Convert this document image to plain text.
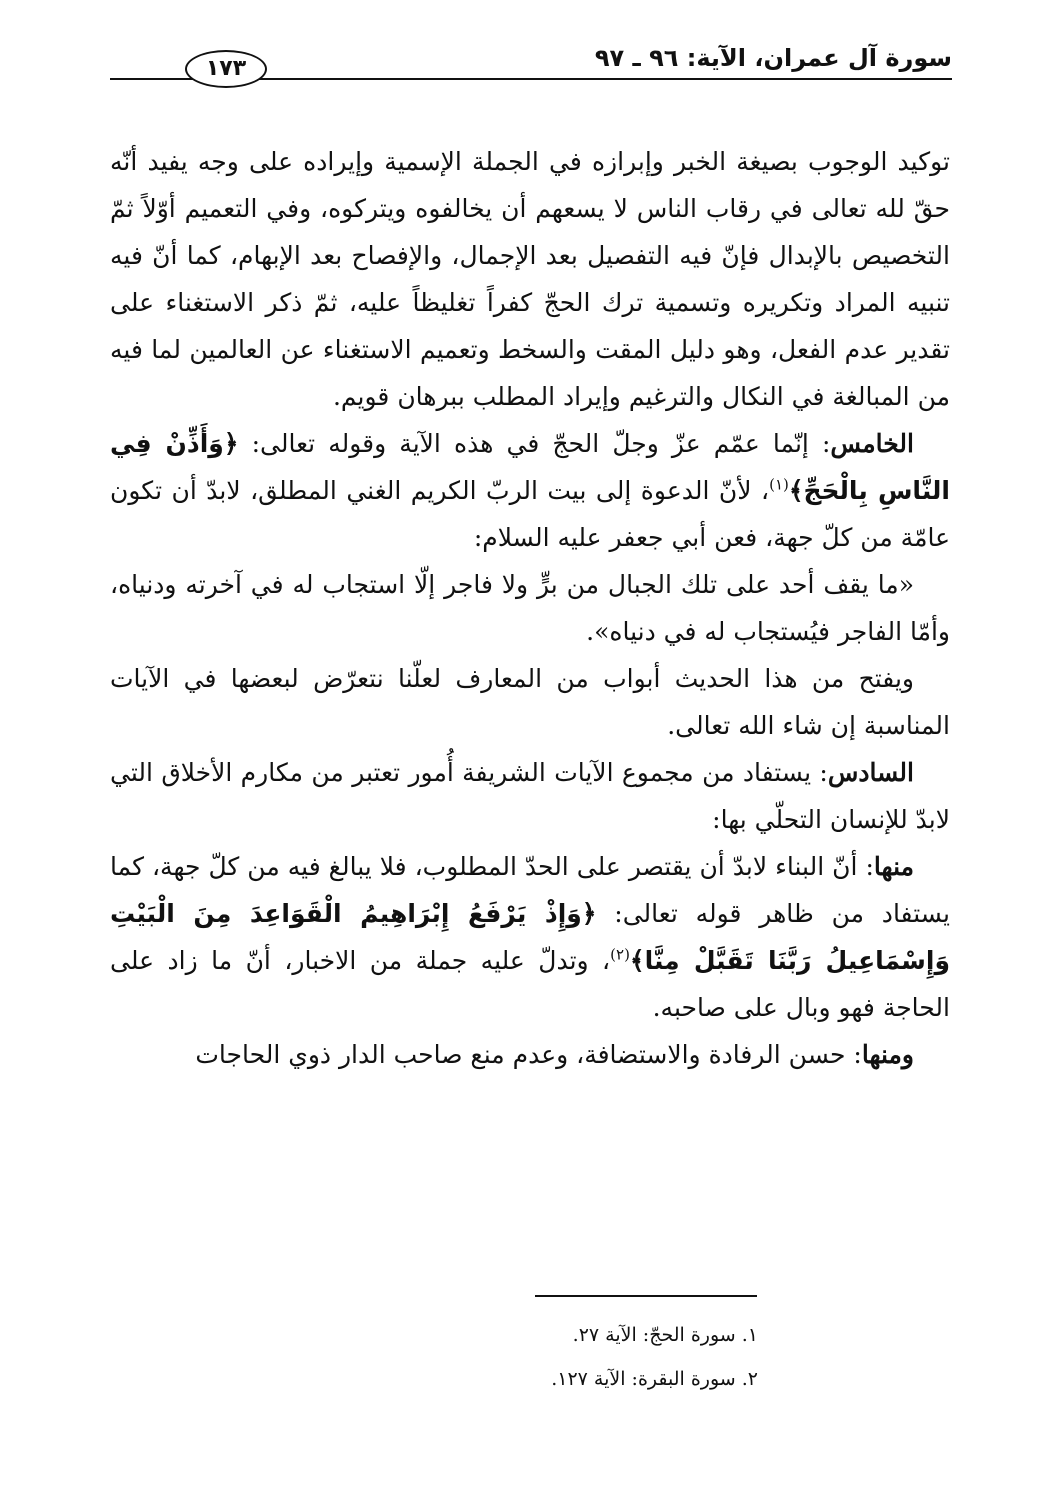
سورة آل عمران، الآية: ٩٦ ـ ٩٧
١٧٣

توكيد الوجوب بصيغة الخبر وإبرازه في الجملة الإسمية وإيراده على وجه يفيد أنّه حقّ لله تعالى في رقاب الناس لا يسعهم أن يخالفوه ويتركوه، وفي التعميم أوّلاً ثمّ التخصيص بالإبدال فإنّ فيه التفصيل بعد الإجمال، والإفصاح بعد الإبهام، كما أنّ فيه تنبيه المراد وتكريره وتسمية ترك الحجّ كفراً تغليظاً عليه، ثمّ ذكر الاستغناء على تقدير عدم الفعل، وهو دليل المقت والسخط وتعميم الاستغناء عن العالمين لما فيه من المبالغة في النكال والترغيم وإيراد المطلب ببرهان قويم.

الخامس: إنّما عمّم عزّ وجلّ الحجّ في هذه الآية وقوله تعالى: ﴿وَأَذِّنْ فِي النَّاسِ بِالْحَجِّ﴾$^{(١)}$، لأنّ الدعوة إلى بيت الربّ الكريم الغني المطلق، لابدّ أن تكون عامّة من كلّ جهة، فعن أبي جعفر عليه السلام:

«ما يقف أحد على تلك الجبال من برٍّ ولا فاجر إلّا استجاب له في آخرته ودنياه، وأمّا الفاجر فيُستجاب له في دنياه».

ويفتح من هذا الحديث أبواب من المعارف لعلّنا نتعرّض لبعضها في الآيات المناسبة إن شاء الله تعالى.

السادس: يستفاد من مجموع الآيات الشريفة أُمور تعتبر من مكارم الأخلاق التي لابدّ للإنسان التحلّي بها:

منها: أنّ البناء لابدّ أن يقتصر على الحدّ المطلوب، فلا يبالغ فيه من كلّ جهة، كما يستفاد من ظاهر قوله تعالى: ﴿وَإِذْ يَرْفَعُ إِبْرَاهِيمُ الْقَوَاعِدَ مِنَ الْبَيْتِ وَإِسْمَاعِيلُ رَبَّنَا تَقَبَّلْ مِنَّا﴾$^{(٢)}$، وتدلّ عليه جملة من الاخبار، أنّ ما زاد على الحاجة فهو وبال على صاحبه.

ومنها: حسن الرفادة والاستضافة، وعدم منع صاحب الدار ذوي الحاجات

١. سورة الحجّ: الآية ٢٧.

٢. سورة البقرة: الآية ١٢٧.
